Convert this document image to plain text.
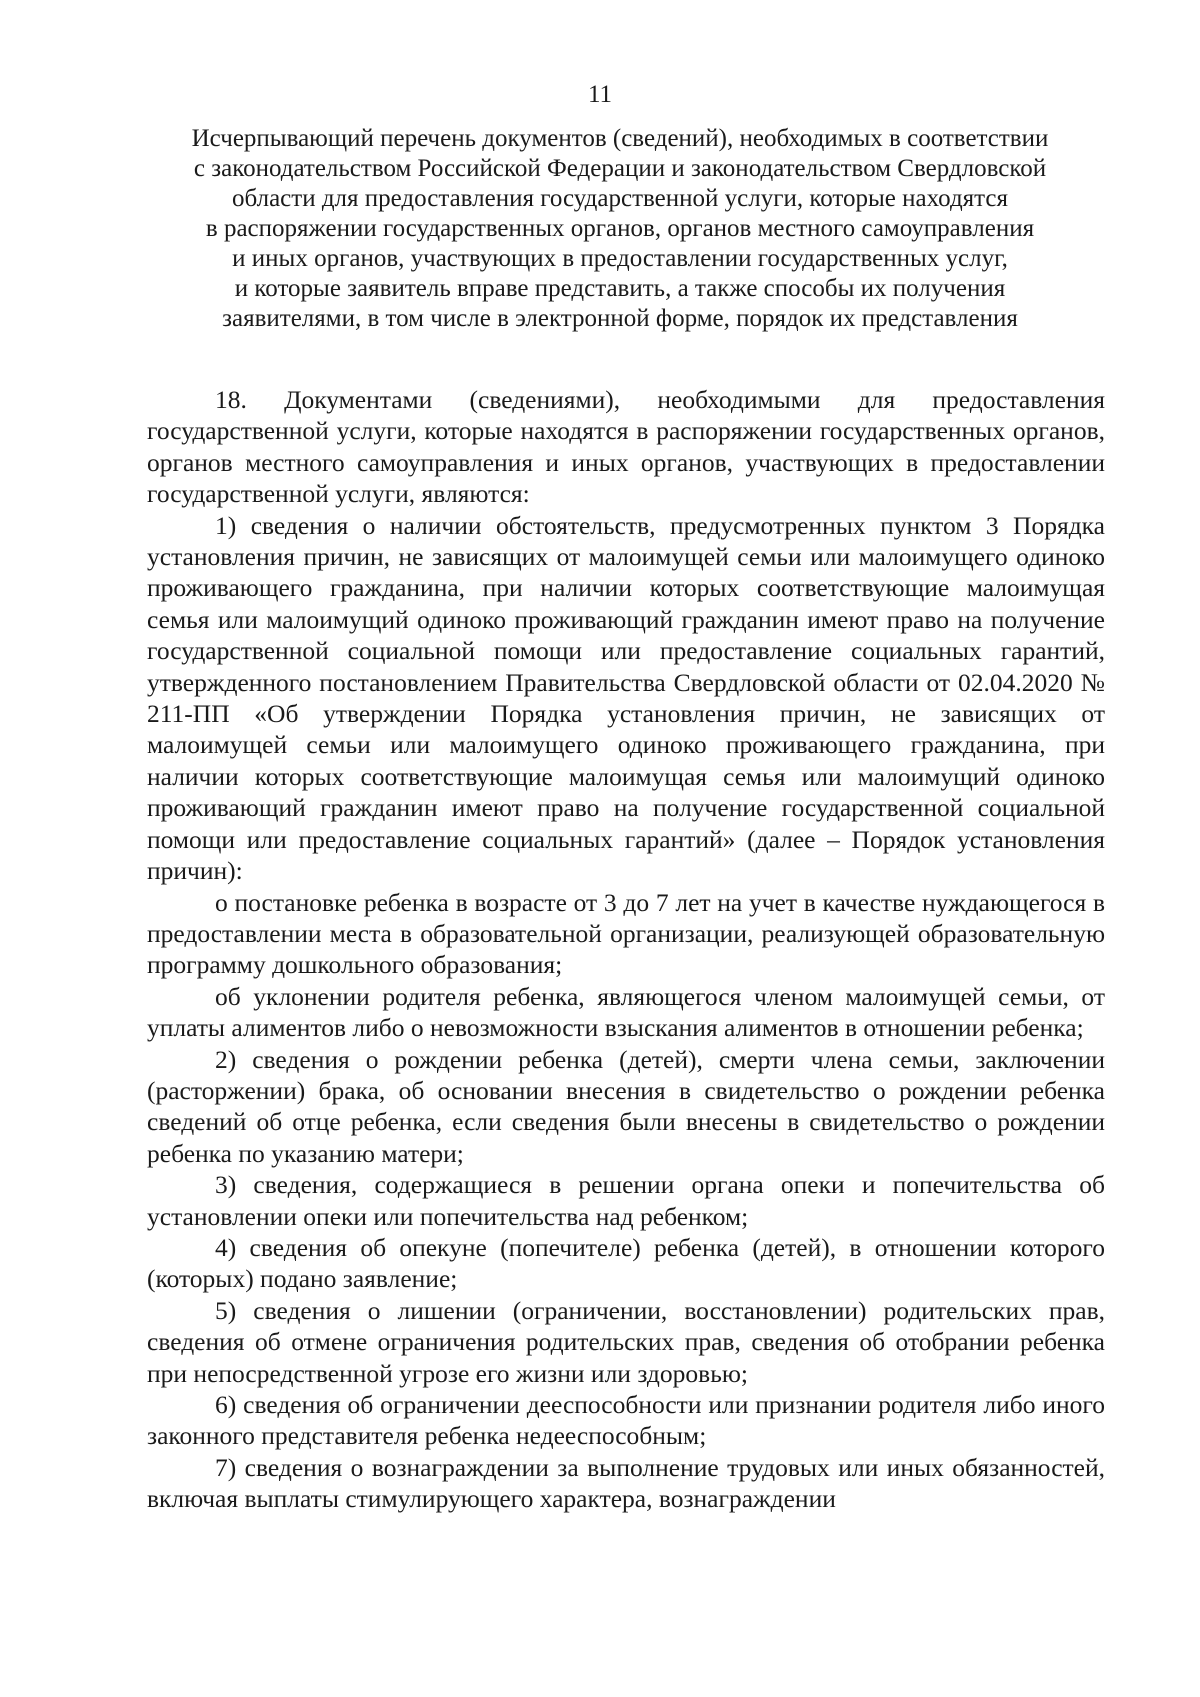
11
Исчерпывающий перечень документов (сведений), необходимых в соответствии
с законодательством Российской Федерации и законодательством Свердловской
области для предоставления государственной услуги, которые находятся
в распоряжении государственных органов, органов местного самоуправления
и иных органов, участвующих в предоставлении государственных услуг,
и которые заявитель вправе представить, а также способы их получения
заявителями, в том числе в электронной форме, порядок их представления

18. Документами (сведениями), необходимыми для предоставления государственной услуги, которые находятся в распоряжении государственных органов, органов местного самоуправления и иных органов, участвующих в предоставлении государственной услуги, являются:

1) сведения о наличии обстоятельств, предусмотренных пунктом 3 Порядка установления причин, не зависящих от малоимущей семьи или малоимущего одиноко проживающего гражданина, при наличии которых соответствующие малоимущая семья или малоимущий одиноко проживающий гражданин имеют право на получение государственной социальной помощи или предоставление социальных гарантий, утвержденного постановлением Правительства Свердловской области от 02.04.2020 № 211-ПП «Об утверждении Порядка установления причин, не зависящих от малоимущей семьи или малоимущего одиноко проживающего гражданина, при наличии которых соответствующие малоимущая семья или малоимущий одиноко проживающий гражданин имеют право на получение государственной социальной помощи или предоставление социальных гарантий» (далее – Порядок установления причин):

о постановке ребенка в возрасте от 3 до 7 лет на учет в качестве нуждающегося в предоставлении места в образовательной организации, реализующей образовательную программу дошкольного образования;

об уклонении родителя ребенка, являющегося членом малоимущей семьи, от уплаты алиментов либо о невозможности взыскания алиментов в отношении ребенка;

2) сведения о рождении ребенка (детей), смерти члена семьи, заключении (расторжении) брака, об основании внесения в свидетельство о рождении ребенка сведений об отце ребенка, если сведения были внесены в свидетельство о рождении ребенка по указанию матери;

3) сведения, содержащиеся в решении органа опеки и попечительства об установлении опеки или попечительства над ребенком;

4) сведения об опекуне (попечителе) ребенка (детей), в отношении которого (которых) подано заявление;

5) сведения о лишении (ограничении, восстановлении) родительских прав, сведения об отмене ограничения родительских прав, сведения об отобрании ребенка при непосредственной угрозе его жизни или здоровью;

6) сведения об ограничении дееспособности или признании родителя либо иного законного представителя ребенка недееспособным;

7) сведения о вознаграждении за выполнение трудовых или иных обязанностей, включая выплаты стимулирующего характера, вознаграждении
